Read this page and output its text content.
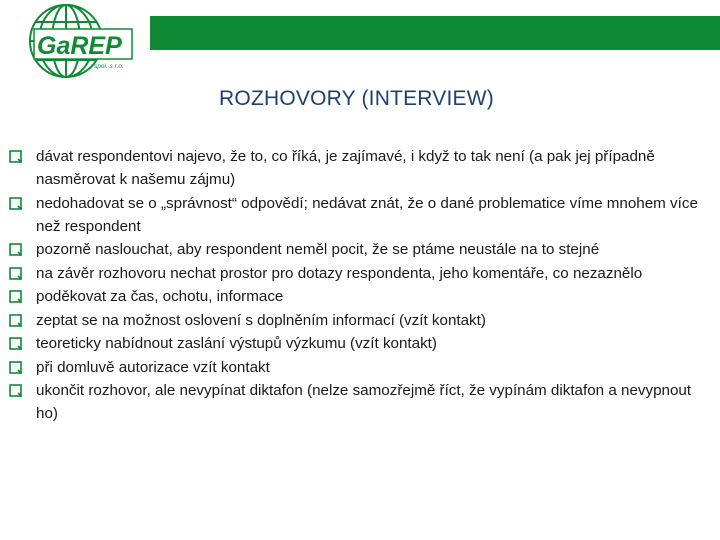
GaREP
spol. s r.o.
ROZHOVORY (INTERVIEW)
dávat respondentovi najevo, že to, co říká, je zajímavé, i když to tak není (a pak jej případně nasměrovat k našemu zájmu)
nedohadovat se o „správnost“ odpovědí; nedávat znát, že o dané problematice víme mnohem více než respondent
pozorně naslouchat, aby respondent neměl pocit, že se ptáme neustále na to stejné
na závěr rozhovoru nechat prostor pro dotazy respondenta, jeho komentáře, co nezaznělo
poděkovat za čas, ochotu, informace
zeptat se na možnost oslovení s doplněním informací (vzít kontakt)
teoreticky nabídnout zaslání výstupů výzkumu (vzít kontakt)
při domluvě autorizace vzít kontakt
ukončit rozhovor, ale nevypínat diktafon (nelze samozřejmě říct, že vypínám diktafon a nevypnout ho)
